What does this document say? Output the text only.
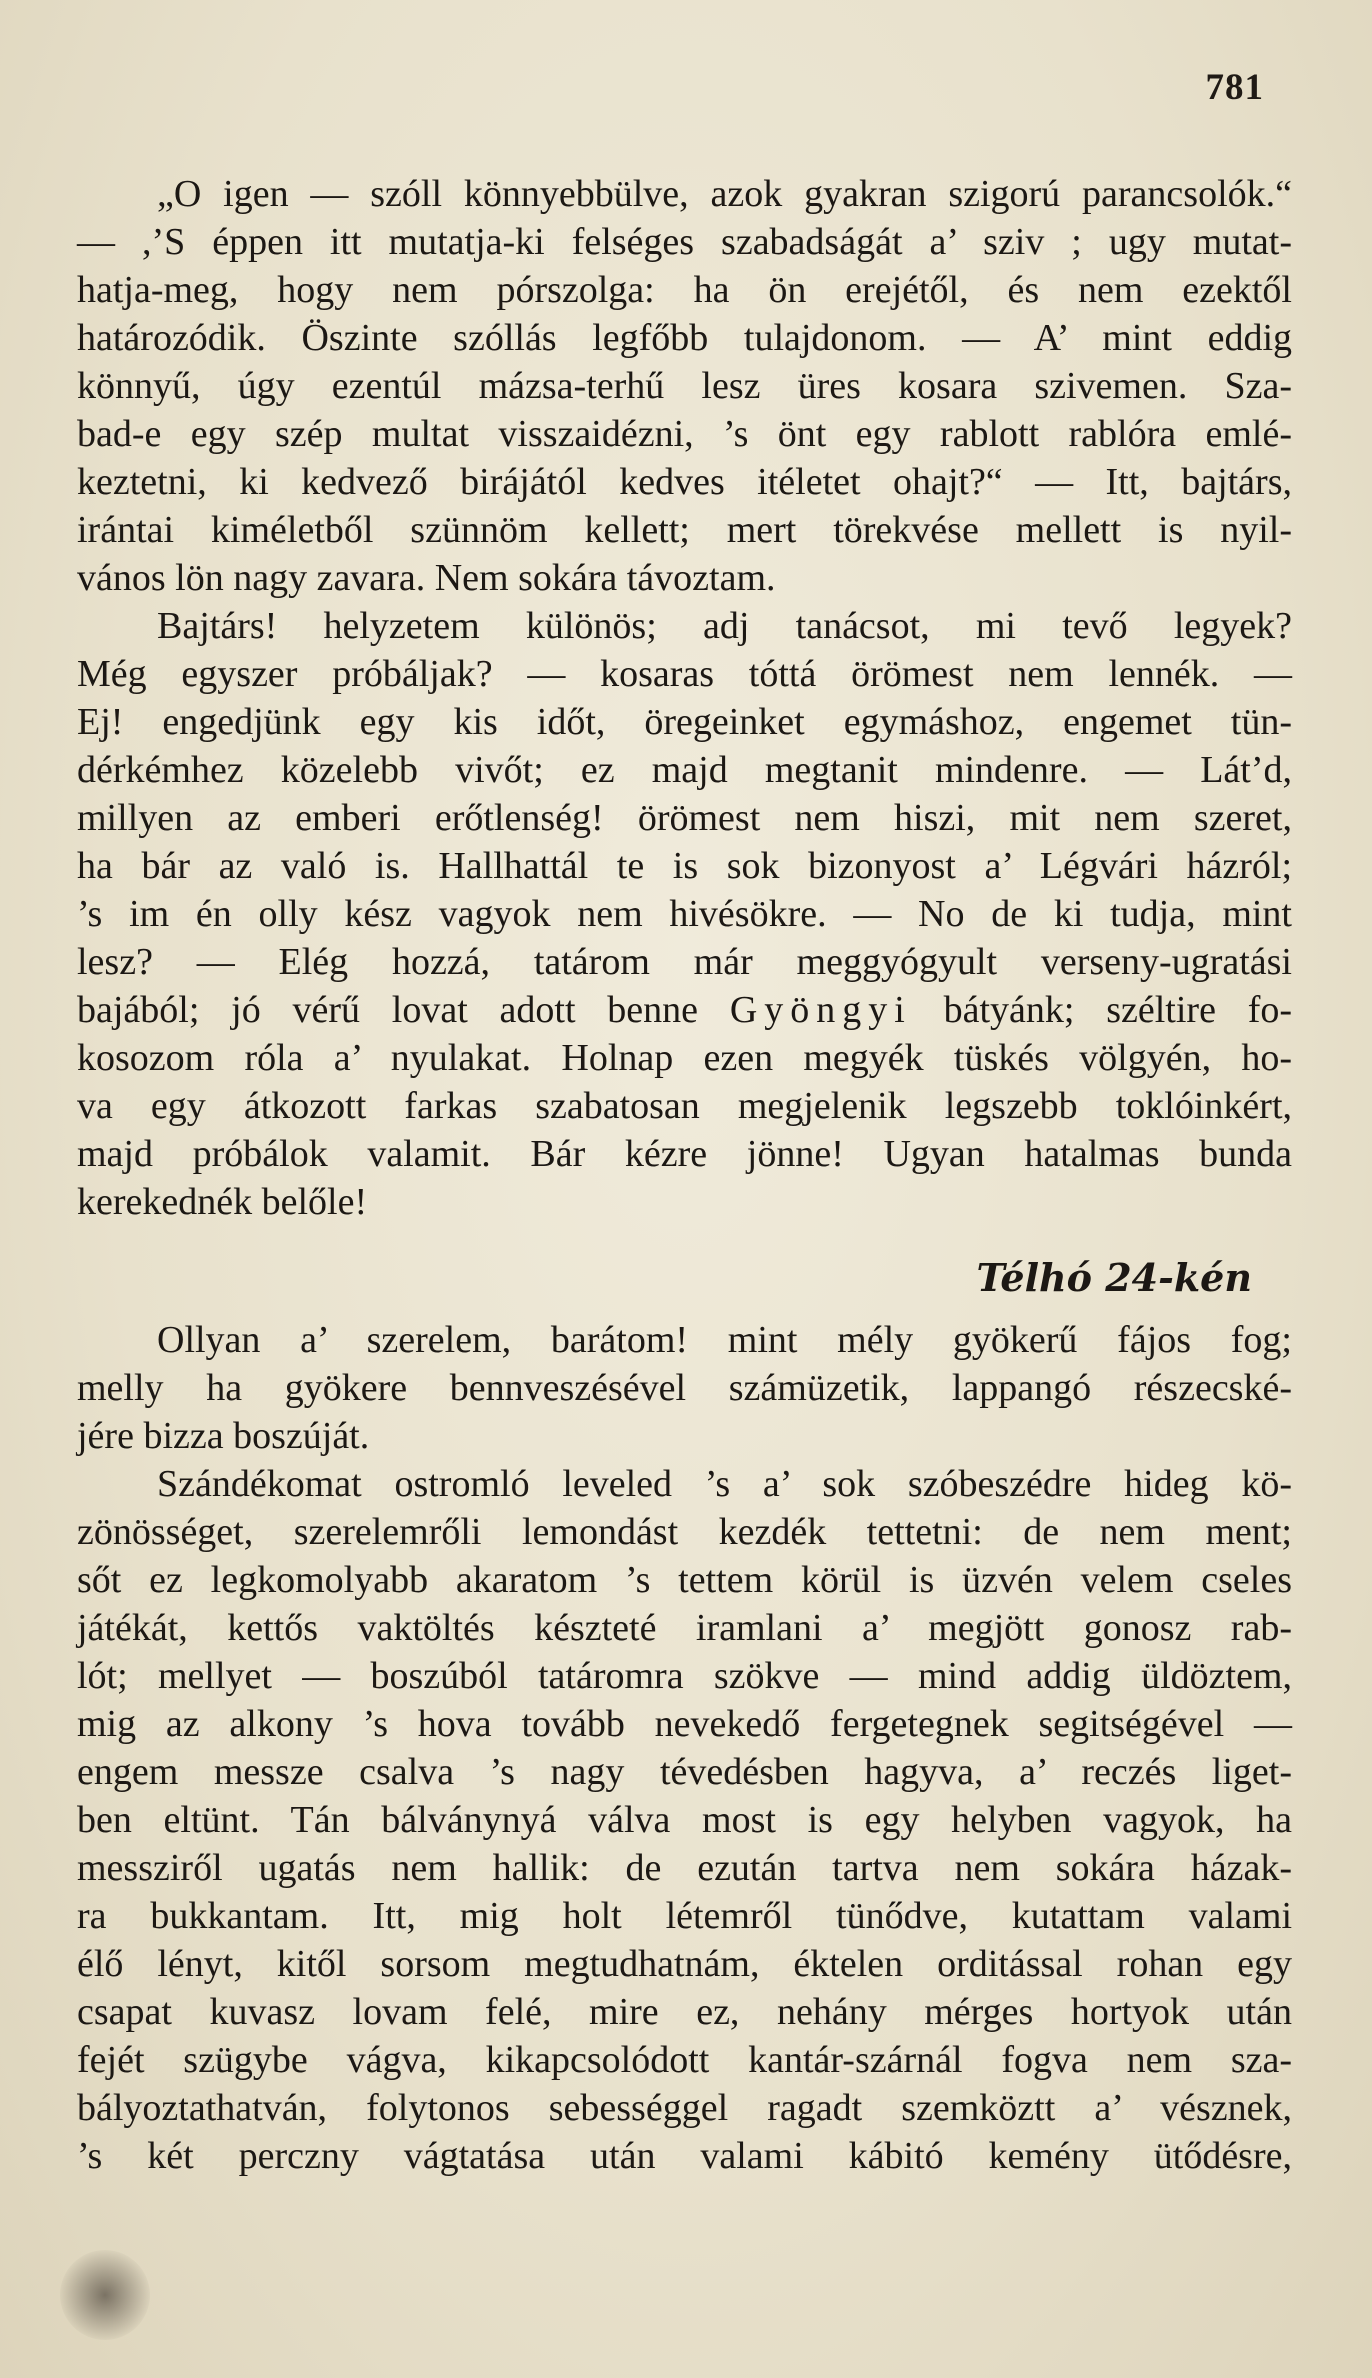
781
„O igen — szóll könnyebbülve, azok gyakran szigorú parancsolók.“
— ,’S éppen itt mutatja-ki felséges szabadságát a’ sziv ; ugy mutat-
hatja-meg, hogy nem pórszolga: ha ön erejétől, és nem ezektől
határozódik. Öszinte szóllás legfőbb tulajdonom. — A’ mint eddig
könnyű, úgy ezentúl mázsa-terhű lesz üres kosara szivemen. Sza-
bad-e egy szép multat visszaidézni, ’s önt egy rablott rablóra emlé-
keztetni, ki kedvező birájától kedves itéletet ohajt?“ — Itt, bajtárs,
irántai kiméletből szünnöm kellett; mert törekvése mellett is nyil-
vános lön nagy zavara. Nem sokára távoztam.
Bajtárs! helyzetem különös; adj tanácsot, mi tevő legyek?
Még egyszer próbáljak? — kosaras tóttá örömest nem lennék. —
Ej! engedjünk egy kis időt, öregeinket egymáshoz, engemet tün-
dérkémhez közelebb vivőt; ez majd megtanit mindenre. — Lát’d,
millyen az emberi erőtlenség! örömest nem hiszi, mit nem szeret,
ha bár az való is. Hallhattál te is sok bizonyost a’ Légvári házról;
’s im én olly kész vagyok nem hivésökre. — No de ki tudja, mint
lesz? — Elég hozzá, tatárom már meggyógyult verseny-ugratási
bajából; jó vérű lovat adott benne Gyöngyi bátyánk; széltire fo-
kosozom róla a’ nyulakat. Holnap ezen megyék tüskés völgyén, ho-
va egy átkozott farkas szabatosan megjelenik legszebb toklóinkért,
majd próbálok valamit. Bár kézre jönne! Ugyan hatalmas bunda
kerekednék belőle!
Télhó 24-kén
Ollyan a’ szerelem, barátom! mint mély gyökerű fájos fog;
melly ha gyökere bennveszésével számüzetik, lappangó részecské-
jére bizza boszúját.
Szándékomat ostromló leveled ’s a’ sok szóbeszédre hideg kö-
zönösséget, szerelemrőli lemondást kezdék tettetni: de nem ment;
sőt ez legkomolyabb akaratom ’s tettem körül is üzvén velem cseles
játékát, kettős vaktöltés készteté iramlani a’ megjött gonosz rab-
lót; mellyet — boszúból tatáromra szökve — mind addig üldöztem,
mig az alkony ’s hova tovább nevekedő fergetegnek segitségével —
engem messze csalva ’s nagy tévedésben hagyva, a’ reczés liget-
ben eltünt. Tán bálványnyá válva most is egy helyben vagyok, ha
messziről ugatás nem hallik: de ezután tartva nem sokára házak-
ra bukkantam. Itt, mig holt létemről tünődve, kutattam valami
élő lényt, kitől sorsom megtudhatnám, éktelen orditással rohan egy
csapat kuvasz lovam felé, mire ez, nehány mérges hortyok után
fejét szügybe vágva, kikapcsolódott kantár-szárnál fogva nem sza-
bályoztathatván, folytonos sebességgel ragadt szemköztt a’ vésznek,
’s két perczny vágtatása után valami kábitó kemény ütődésre,
